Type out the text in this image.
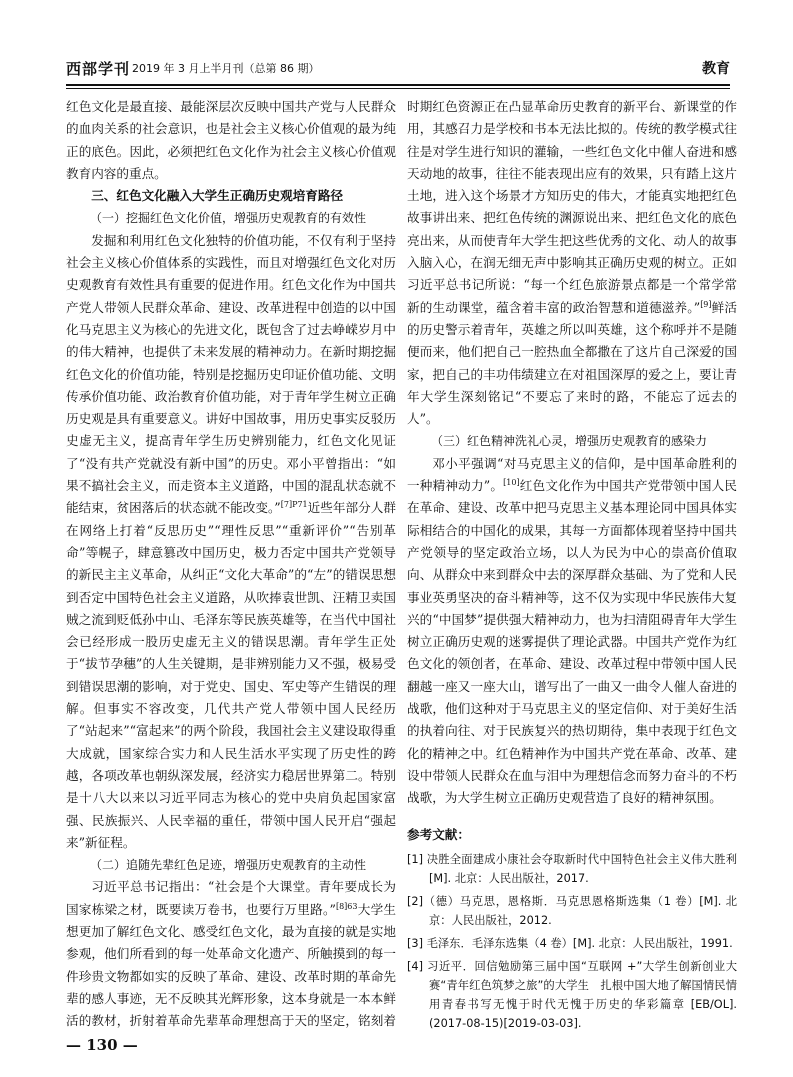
西部学刊 2019 年 3 月上半月刊（总第 86 期）	教育

红色文化是最直接、最能深层次反映中国共产党与人民群众的血肉关系的社会意识，也是社会主义核心价值观的最为纯正的底色。因此，必须把红色文化作为社会主义核心价值观教育内容的重点。

三、红色文化融入大学生正确历史观培育路径

（一）挖掘红色文化价值，增强历史观教育的有效性

发掘和利用红色文化独特的价值功能，不仅有利于坚持社会主义核心价值体系的实践性，而且对增强红色文化对历史观教育有效性具有重要的促进作用。红色文化作为中国共产党人带领人民群众革命、建设、改革进程中创造的以中国化马克思主义为核心的先进文化，既包含了过去峥嵘岁月中的伟大精神，也提供了未来发展的精神动力。在新时期挖掘红色文化的价值功能，特别是挖掘历史印证价值功能、文明传承价值功能、政治教育价值功能，对于青年学生树立正确历史观是具有重要意义。讲好中国故事，用历史事实反驳历史虚无主义，提高青年学生历史辨别能力，红色文化见证了“没有共产党就没有新中国”的历史。邓小平曾指出：“如果不搞社会主义，而走资本主义道路，中国的混乱状态就不能结束，贫困落后的状态就不能改变。”$^{[7]P71}$近些年部分人群在网络上打着“反思历史”“理性反思”“重新评价”“告别革命”等幌子，肆意篡改中国历史，极力否定中国共产党领导的新民主主义革命，从纠正“文化大革命”的“左”的错误思想到否定中国特色社会主义道路，从吹捧袁世凯、汪精卫卖国贼之流到贬低孙中山、毛泽东等民族英雄等，在当代中国社会已经形成一股历史虚无主义的错误思潮。青年学生正处于“拔节孕穗”的人生关键期，是非辨别能力又不强，极易受到错误思潮的影响，对于党史、国史、军史等产生错误的理解。但事实不容改变，几代共产党人带领中国人民经历了“站起来”“富起来”的两个阶段，我国社会主义建设取得重大成就，国家综合实力和人民生活水平实现了历史性的跨越，各项改革也朝纵深发展，经济实力稳居世界第二。特别是十八大以来以习近平同志为核心的党中央肩负起国家富强、民族振兴、人民幸福的重任，带领中国人民开启“强起来”新征程。

（二）追随先辈红色足迹，增强历史观教育的主动性

习近平总书记指出：“社会是个大课堂。青年要成长为国家栋梁之材，既要读万卷书，也要行万里路。”$^{[8]63}$大学生想更加了解红色文化、感受红色文化，最为直接的就是实地参观，他们所看到的每一处革命文化遗产、所触摸到的每一件珍贵文物都如实的反映了革命、建设、改革时期的革命先辈的感人事迹，无不反映其光辉形象，这本身就是一本本鲜活的教材，折射着革命先辈革命理想高于天的坚定，铭刻着

时期红色资源正在凸显革命历史教育的新平台、新课堂的作用，其感召力是学校和书本无法比拟的。传统的教学模式往往是对学生进行知识的灌输，一些红色文化中催人奋进和感天动地的故事，往往不能表现出应有的效果，只有踏上这片土地，进入这个场景才方知历史的伟大，才能真实地把红色故事讲出来、把红色传统的渊源说出来、把红色文化的底色亮出来，从而使青年大学生把这些优秀的文化、动人的故事入脑入心，在润无细无声中影响其正确历史观的树立。正如习近平总书记所说：“每一个红色旅游景点都是一个常学常新的生动课堂，蕴含着丰富的政治智慧和道德滋养。”[9]鲜活的历史警示着青年，英雄之所以叫英雄，这个称呼并不是随便而来，他们把自己一腔热血全都撒在了这片自己深爱的国家，把自己的丰功伟绩建立在对祖国深厚的爱之上，要让青年大学生深刻铭记“不要忘了来时的路，不能忘了远去的人”。

（三）红色精神洗礼心灵，增强历史观教育的感染力

邓小平强调“对马克思主义的信仰，是中国革命胜利的一种精神动力”。[10]红色文化作为中国共产党带领中国人民在革命、建设、改革中把马克思主义基本理论同中国具体实际相结合的中国化的成果，其每一方面都体现着坚持中国共产党领导的坚定政治立场，以人为民为中心的崇高价值取向、从群众中来到群众中去的深厚群众基础、为了党和人民事业英勇坚决的奋斗精神等，这不仅为实现中华民族伟大复兴的“中国梦”提供强大精神动力，也为扫清阻碍青年大学生树立正确历史观的迷雾提供了理论武器。中国共产党作为红色文化的领创者，在革命、建设、改革过程中带领中国人民翻越一座又一座大山，谱写出了一曲又一曲令人催人奋进的战歌，他们这种对于马克思主义的坚定信仰、对于美好生活的执着向往、对于民族复兴的热切期待，集中表现于红色文化的精神之中。红色精神作为中国共产党在革命、改革、建设中带领人民群众在血与泪中为理想信念而努力奋斗的不朽战歌，为大学生树立正确历史观营造了良好的精神氛围。

参考文献：
[1] 决胜全面建成小康社会夺取新时代中国特色社会主义伟大胜利 [M]. 北京：人民出版社，2017.
[2]（德）马克思，恩格斯．马克思恩格斯选集（1 卷）[M]. 北京：人民出版社，2012.
[3] 毛泽东．毛泽东选集（4 卷）[M]. 北京：人民出版社，1991.
[4] 习近平．回信勉励第三届中国“互联网 +”大学生创新创业大赛“青年红色筑梦之旅”的大学生　扎根中国大地了解国情民情　用青春书写无愧于时代无愧于历史的华彩篇章 [EB/OL].(2017-08-15)[2019-03-03].
— 130 —
